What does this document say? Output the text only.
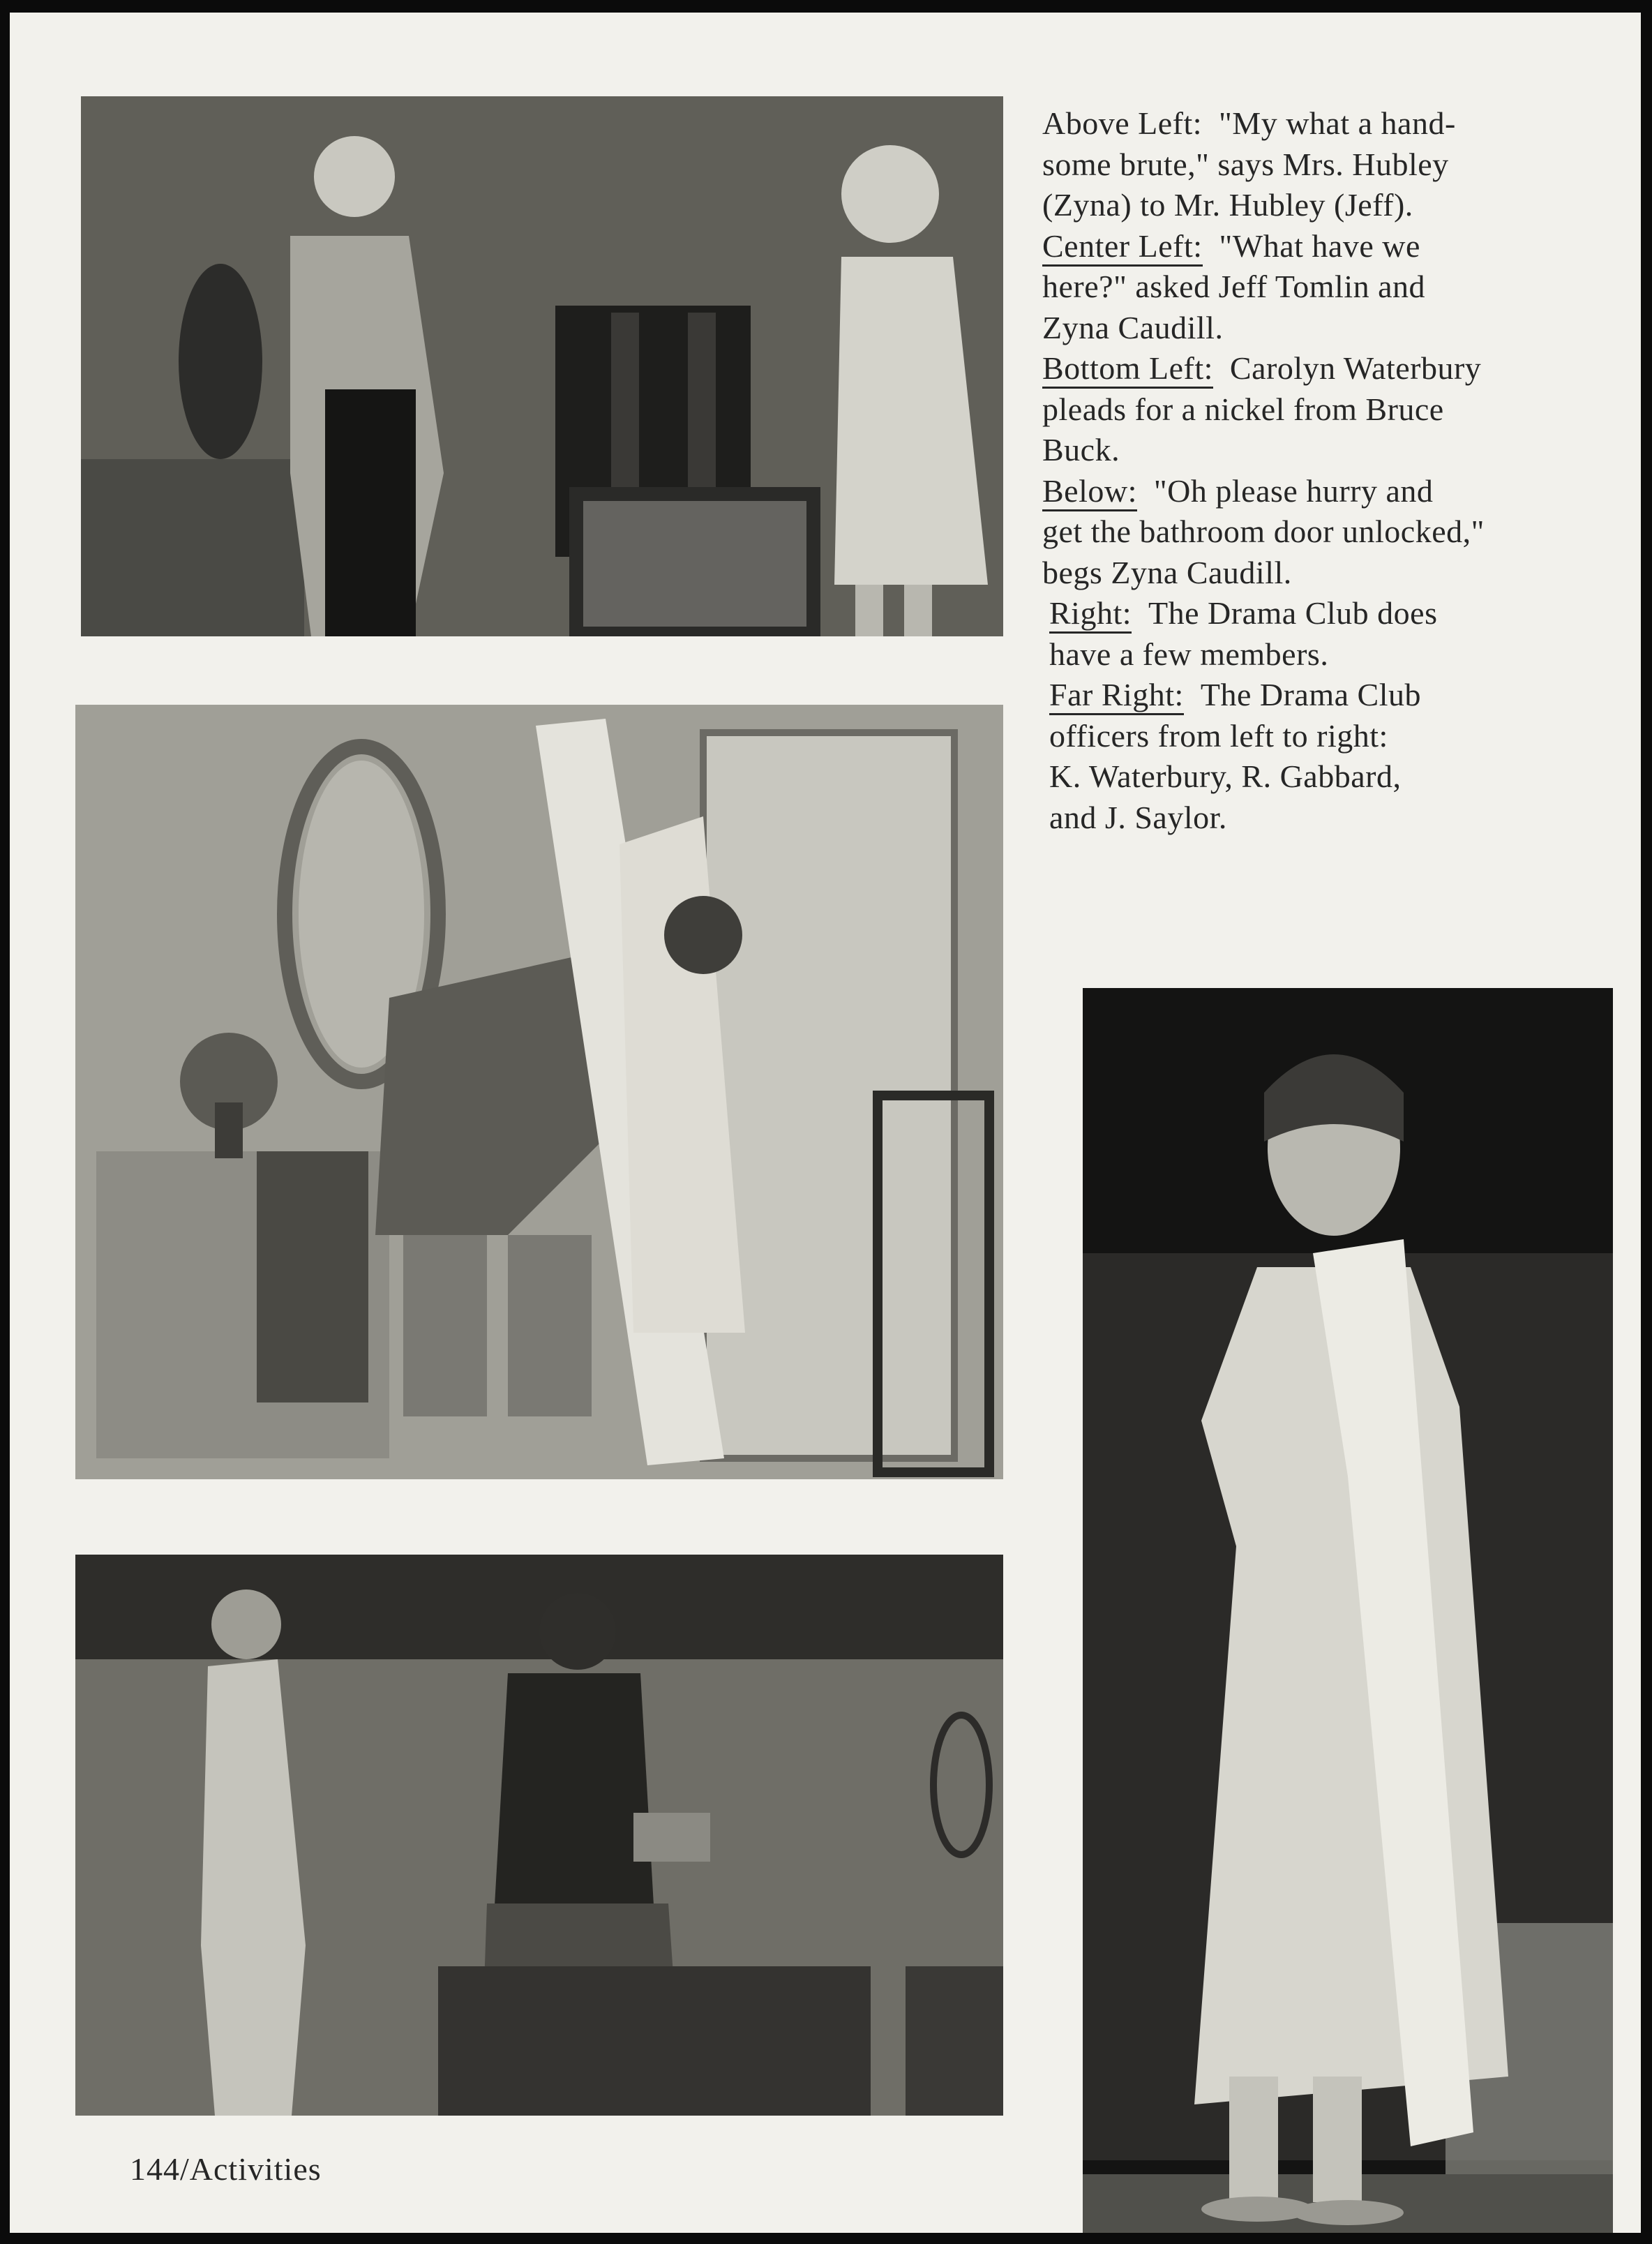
Above Left: "My what a hand-
some brute," says Mrs. Hubley
(Zyna) to Mr. Hubley (Jeff).
Center Left: "What have we
here?" asked Jeff Tomlin and
Zyna Caudill.
Bottom Left: Carolyn Waterbury
pleads for a nickel from Bruce
Buck.
Below: "Oh please hurry and
get the bathroom door unlocked,"
begs Zyna Caudill.
Right: The Drama Club does
have a few members.
Far Right: The Drama Club
officers from left to right:
K. Waterbury, R. Gabbard,
and J. Saylor.
144/Activities
